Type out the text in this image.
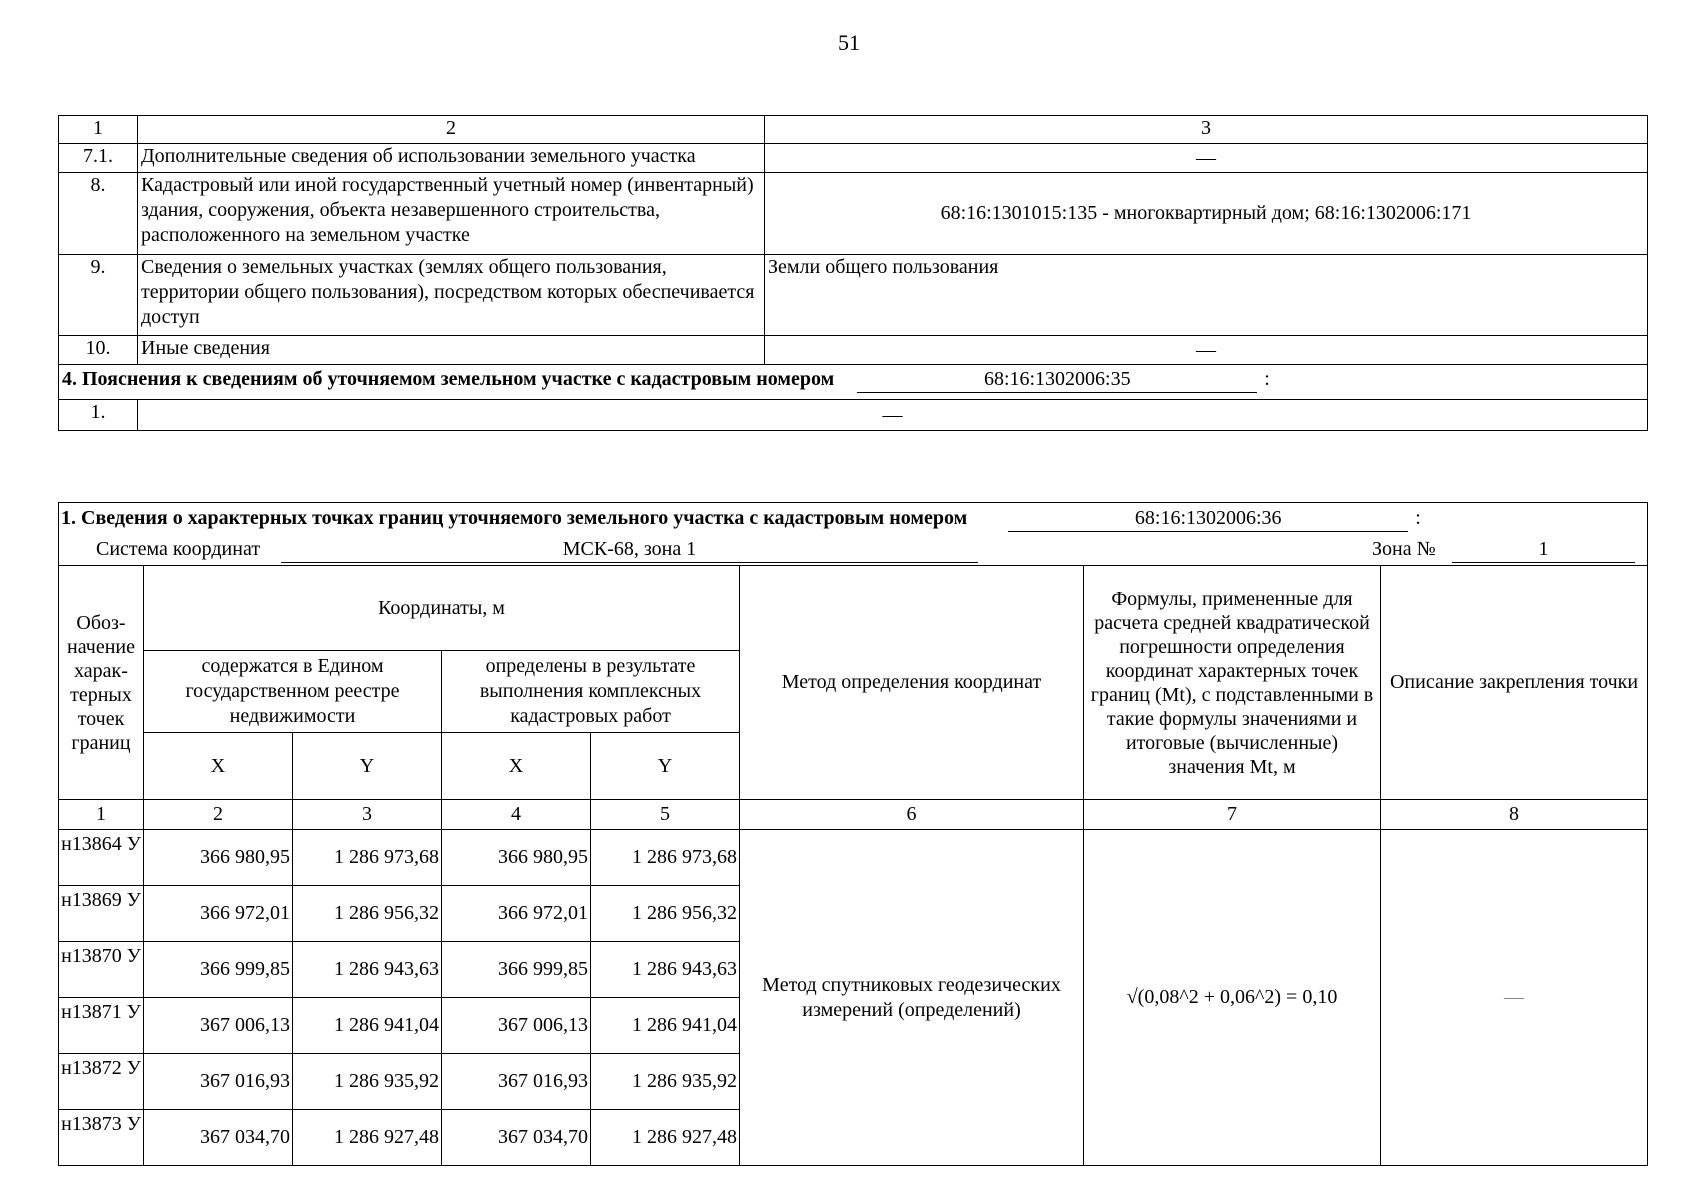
51
1	2	3
7.1.	Дополнительные сведения об использовании земельного участка	—
8.	Кадастровый или иной государственный учетный номер (инвентарный) здания, сооружения, объекта незавершенного строительства, расположенного на земельном участке	68:16:1301015:135 - многоквартирный дом; 68:16:1302006:171
9.	Сведения о земельных участках (землях общего пользования, территории общего пользования), посредством которых обеспечивается доступ	Земли общего пользования
10.	Иные сведения	—
4. Пояснения к сведениям об уточняемом земельном участке с кадастровым номером 68:16:1302006:35 :		
1.	—	
1. Сведения о характерных точках границ уточняемого земельного участка с кадастровым номером 68:16:1302006:36 :							

Система координат МСК-68, зона 1 Зона № 1							

Обоз-начение харак-терных точек границ	Координаты, м				Метод определения координат	Формулы, примененные для расчета средней квадратической погрешности определения координат характерных точек границ (Mt), с подставленными в такие формулы значениями и итоговые (вычисленные) значения Mt, м	Описание закрепления точки
	содержатся в Едином государственном реестре недвижимости		определены в результате выполнения комплексных кадастровых работ				
	X	Y	X	Y			
1	2	3	4	5	6	7	8
н13864 У	366 980,95	1 286 973,68	366 980,95	1 286 973,68	Метод спутниковых геодезических измерений (определений)	√(0,08^2 + 0,06^2) = 0,10	—
н13869 У	366 972,01	1 286 956,32	366 972,01	1 286 956,32			
н13870 У	366 999,85	1 286 943,63	366 999,85	1 286 943,63			
н13871 У	367 006,13	1 286 941,04	367 006,13	1 286 941,04			
н13872 У	367 016,93	1 286 935,92	367 016,93	1 286 935,92			
н13873 У	367 034,70	1 286 927,48	367 034,70	1 286 927,48			
